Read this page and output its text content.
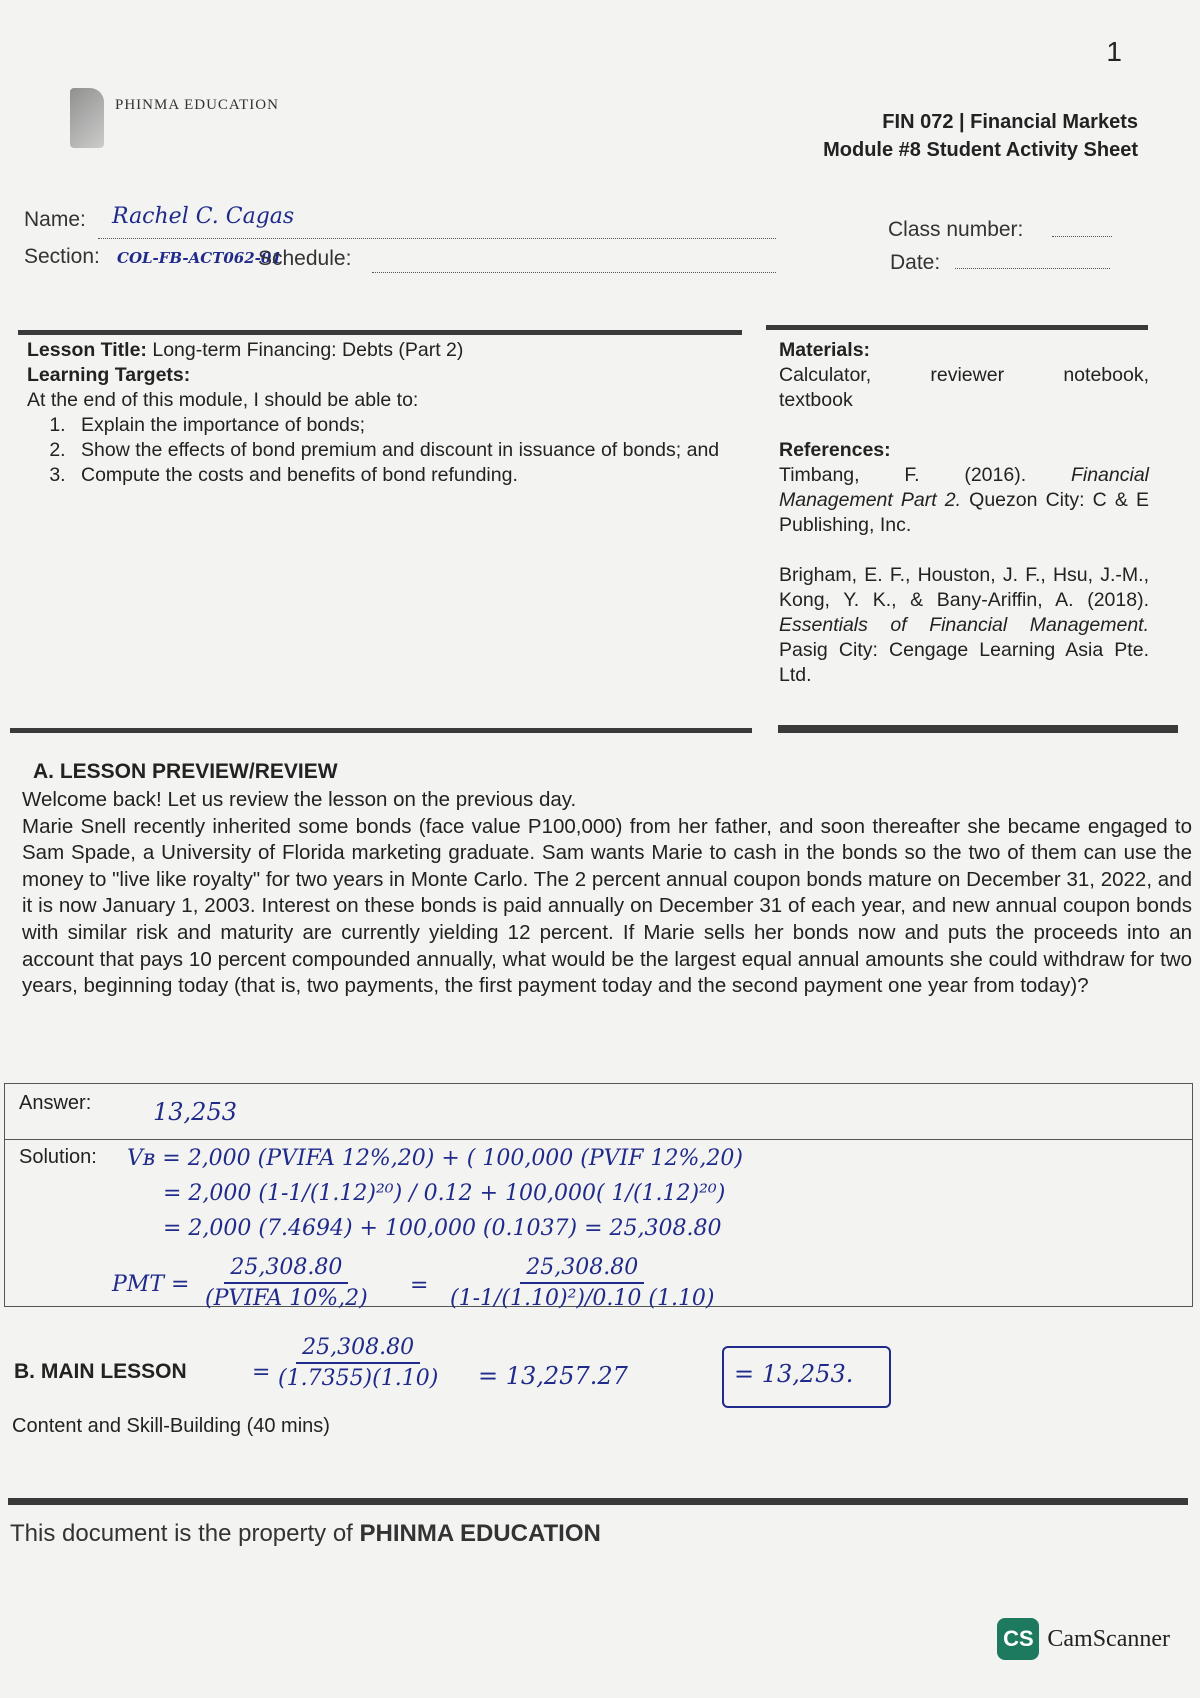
PHINMA EDUCATION
1
FIN 072 | Financial Markets
Module #8 Student Activity Sheet
Name: Rachel C. Cagas
Section: COL-FB-ACT062-01
Schedule:
Class number:
Date:
Lesson Title: Long-term Financing: Debts (Part 2)
Learning Targets:
At the end of this module, I should be able to:
1. Explain the importance of bonds;
2. Show the effects of bond premium and discount in issuance of bonds; and
3. Compute the costs and benefits of bond refunding.
Materials:
Calculator, reviewer notebook,
textbook
References:
Timbang, F. (2016). Financial Management Part 2. Quezon City: C & E Publishing, Inc.
Brigham, E. F., Houston, J. F., Hsu, J.-M., Kong, Y. K., & Bany-Ariffin, A. (2018). Essentials of Financial Management. Pasig City: Cengage Learning Asia Pte. Ltd.
A. LESSON PREVIEW/REVIEW
Welcome back! Let us review the lesson on the previous day.
Marie Snell recently inherited some bonds (face value P100,000) from her father, and soon thereafter she became engaged to Sam Spade, a University of Florida marketing graduate. Sam wants Marie to cash in the bonds so the two of them can use the money to "live like royalty" for two years in Monte Carlo. The 2 percent annual coupon bonds mature on December 31, 2022, and it is now January 1, 2003. Interest on these bonds is paid annually on December 31 of each year, and new annual coupon bonds with similar risk and maturity are currently yielding 12 percent. If Marie sells her bonds now and puts the proceeds into an account that pays 10 percent compounded annually, what would be the largest equal annual amounts she could withdraw for two years, beginning today (that is, two payments, the first payment today and the second payment one year from today)?
Answer:	13,253
Solution: Vʙ = 2,000 (PVIFA 12%,20) + ( 100,000 (PVIF 12%,20)
= 2,000 (1-1/(1.12)²⁰) / 0.12 + 100,000( 1/(1.12)²⁰)
= 2,000 (7.4694) + 100,000 (0.1037) = 25,308.80
PMT =
25,308.80
(PVIFA 10%,2)
= $\frac{25,308.80}{\text{(1-1/(1.10)²)/0.10 (1.10)}}$
B. MAIN LESSON	= $\frac{25,308.80}{(1.7355)(1.10)} = 13,257.27$	= 13,253.
Content and Skill-Building (40 mins)
This document is the property of PHINMA EDUCATION
CS CamScanner
